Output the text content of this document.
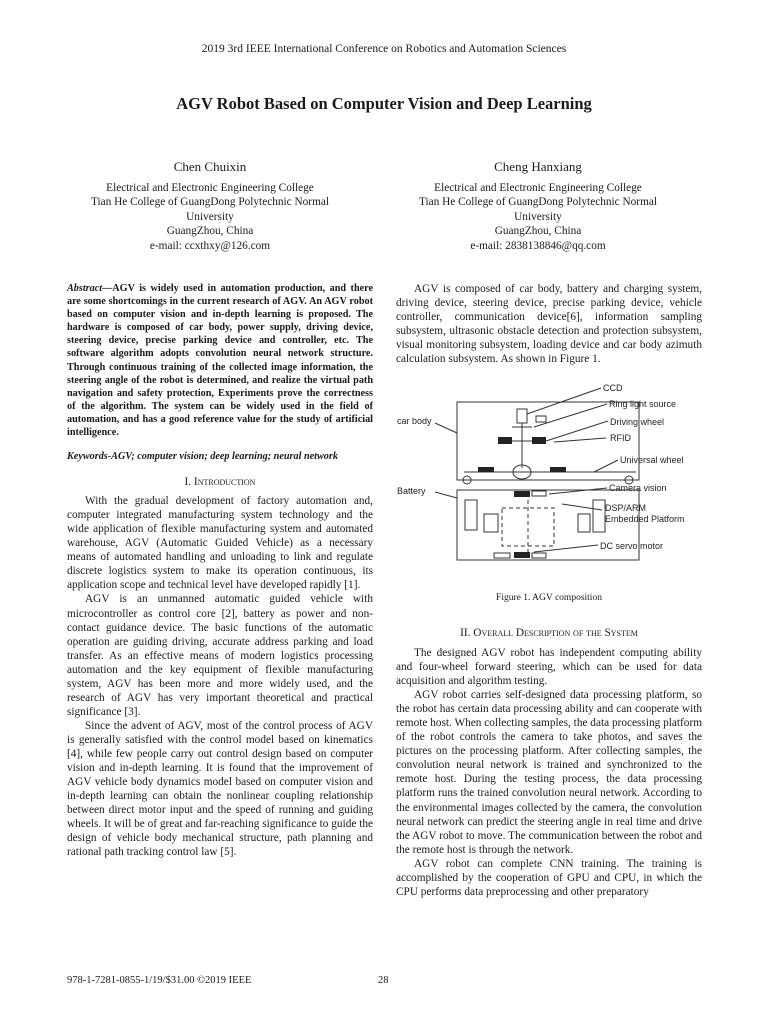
2019 3rd IEEE International Conference on Robotics and Automation Sciences
AGV Robot Based on Computer Vision and Deep Learning
Chen Chuixin
Electrical and Electronic Engineering College
Tian He College of GuangDong Polytechnic Normal
University
GuangZhou, China
e-mail: ccxthxy@126.com
Cheng Hanxiang
Electrical and Electronic Engineering College
Tian He College of GuangDong Polytechnic Normal
University
GuangZhou, China
e-mail: 2838138846@qq.com
Abstract—AGV is widely used in automation production, and there are some shortcomings in the current research of AGV. An AGV robot based on computer vision and in-depth learning is proposed. The hardware is composed of car body, power supply, driving device, steering device, precise parking device and controller, etc. The software algorithm adopts convolution neural network structure. Through continuous training of the collected image information, the steering angle of the robot is determined, and realize the virtual path navigation and safety protection, Experiments prove the correctness of the algorithm. The system can be widely used in the field of automation, and has a good reference value for the study of artificial intelligence.
Keywords-AGV; computer vision; deep learning; neural network
I. Introduction

With the gradual development of factory automation and, computer integrated manufacturing system technology and the wide application of flexible manufacturing system and automated warehouse, AGV (Automatic Guided Vehicle) as a necessary means of automated handling and unloading to link and regulate discrete logistics system to make its operation continuous, its application scope and technical level have developed rapidly [1].

AGV is an unmanned automatic guided vehicle with microcontroller as control core [2], battery as power and non-contact guidance device. The basic functions of the automatic operation are guiding driving, accurate address parking and load transfer. As an effective means of modern logistics processing automation and the key equipment of flexible manufacturing system, AGV has been more and more widely used, and the research of AGV has very important theoretical and practical significance [3].

Since the advent of AGV, most of the control process of AGV is generally satisfied with the control model based on kinematics [4], while few people carry out control design based on computer vision and in-depth learning. It is found that the improvement of AGV vehicle body dynamics model based on computer vision and in-depth learning can obtain the nonlinear coupling relationship between direct motor input and the speed of running and guiding wheels. It will be of great and far-reaching significance to guide the design of vehicle body mechanical structure, path planning and rational path tracking control law [5].

AGV is composed of car body, battery and charging system, driving device, steering device, precise parking device, vehicle controller, communication device[6], information sampling subsystem, ultrasonic obstacle detection and protection subsystem, visual monitoring subsystem, loading device and car body azimuth calculation subsystem. As shown in Figure 1.

CCD
Ring light source
Driving wheel
RFID
Universal wheel
car body
Battery	Camera vision
DSP/ARM
Embedded Platform
DC servo motor
Figure 1. AGV composition
II. Overall Description of the System

The designed AGV robot has independent computing ability and four-wheel forward steering, which can be used for data acquisition and algorithm testing.

AGV robot carries self-designed data processing platform, so the robot has certain data processing ability and can cooperate with remote host. When collecting samples, the data processing platform of the robot controls the camera to take photos, and saves the pictures on the processing platform. After collecting samples, the convolution neural network is trained and synchronized to the remote host. During the testing process, the data processing platform runs the trained convolution neural network. According to the environmental images collected by the camera, the convolution neural network can predict the steering angle in real time and drive the AGV robot to move. The communication between the robot and the remote host is through the network.

AGV robot can complete CNN training. The training is accomplished by the cooperation of GPU and CPU, in which the CPU performs data preprocessing and other preparatory

978-1-7281-0855-1/19/$31.00 ©2019 IEEE	28
